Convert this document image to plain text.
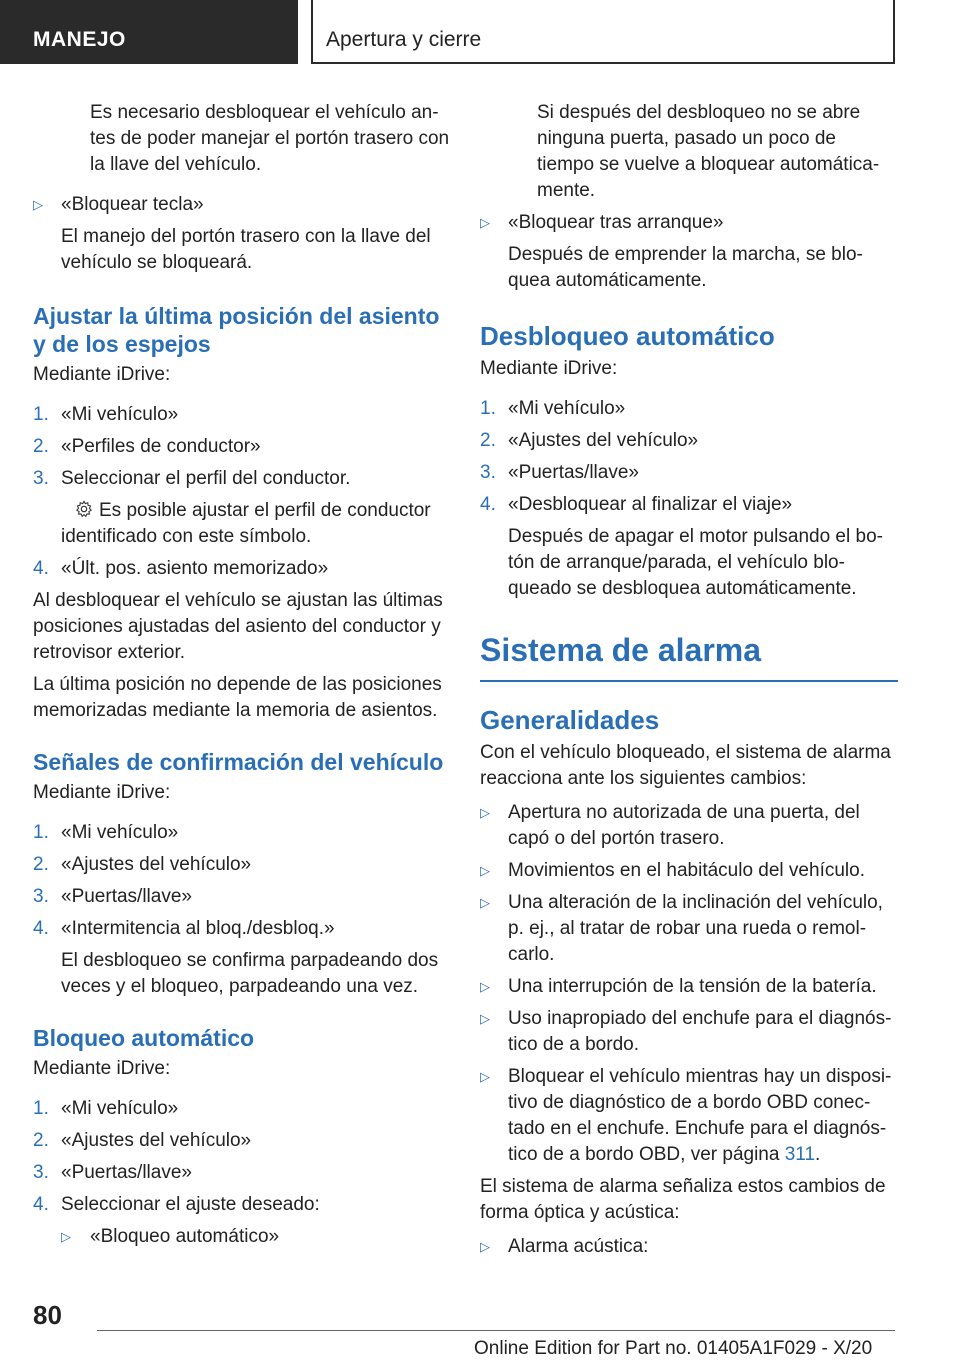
MANEJO	Apertura y cierre

Es necesario desbloquear el vehículo an-tes de poder manejar el portón trasero con la llave del vehículo.

▷ «Bloquear tecla»

El manejo del portón trasero con la llave del vehículo se bloqueará.

Ajustar la última posición del asiento y de los espejos

Mediante iDrive:

1. «Mi vehículo»
2. «Perfiles de conductor»
3. Seleccionar el perfil del conductor.
Es posible ajustar el perfil de conductor identificado con este símbolo.
4. «Últ. pos. asiento memorizado»

Al desbloquear el vehículo se ajustan las últimas posiciones ajustadas del asiento del conductor y retrovisor exterior.

La última posición no depende de las posiciones memorizadas mediante la memoria de asientos.

Señales de confirmación del vehículo

Mediante iDrive:

1. «Mi vehículo»
2. «Ajustes del vehículo»
3. «Puertas/llave»
4. «Intermitencia al bloq./desbloq.»

El desbloqueo se confirma parpadeando dos veces y el bloqueo, parpadeando una vez.

Bloqueo automático

Mediante iDrive:

1. «Mi vehículo»
2. «Ajustes del vehículo»
3. «Puertas/llave»
4. Seleccionar el ajuste deseado:
▷ «Bloqueo automático»

Si después del desbloqueo no se abre ninguna puerta, pasado un poco de tiempo se vuelve a bloquear automática-mente.

▷ «Bloquear tras arranque»

Después de emprender la marcha, se blo-quea automáticamente.

Desbloqueo automático

Mediante iDrive:

1. «Mi vehículo»
2. «Ajustes del vehículo»
3. «Puertas/llave»
4. «Desbloquear al finalizar el viaje»

Después de apagar el motor pulsando el bo-tón de arranque/parada, el vehículo blo-queado se desbloquea automáticamente.

Sistema de alarma
Generalidades

Con el vehículo bloqueado, el sistema de alarma reacciona ante los siguientes cambios:

▷ Apertura no autorizada de una puerta, del capó o del portón trasero.
▷ Movimientos en el habitáculo del vehículo.
▷ Una alteración de la inclinación del vehículo, p. ej., al tratar de robar una rueda o remol-carlo.
▷ Una interrupción de la tensión de la batería.
▷ Uso inapropiado del enchufe para el diagnós-tico de a bordo.
▷ Bloquear el vehículo mientras hay un disposi-tivo de diagnóstico de a bordo OBD conec-tado en el enchufe. Enchufe para el diagnós-tico de a bordo OBD, ver página 311.

El sistema de alarma señaliza estos cambios de forma óptica y acústica:

▷ Alarma acústica:
80
Online Edition for Part no. 01405A1F029 - X/20
